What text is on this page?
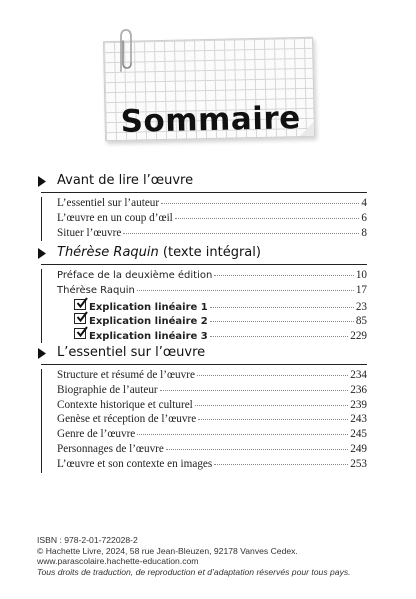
Sommaire
Avant de lire l’œuvre
L’essentiel sur l’auteur	4
L’œuvre en un coup d’œil	6
Situer l’œuvre	8
Thérèse Raquin (texte intégral)
Préface de la deuxième édition	10
Thérèse Raquin	17
Explication linéaire 1	23
Explication linéaire 2	85
Explication linéaire 3	229
L’essentiel sur l’œuvre
Structure et résumé de l’œuvre	234
Biographie de l’auteur	236
Contexte historique et culturel	239
Genèse et réception de l’œuvre	243
Genre de l’œuvre	245
Personnages de l’œuvre	249
L’œuvre et son contexte en images	253
ISBN : 978-2-01-722028-2
© Hachette Livre, 2024, 58 rue Jean-Bleuzen, 92178 Vanves Cedex.
www.parascolaire.hachette-education.com
Tous droits de traduction, de reproduction et d’adaptation réservés pour tous pays.
